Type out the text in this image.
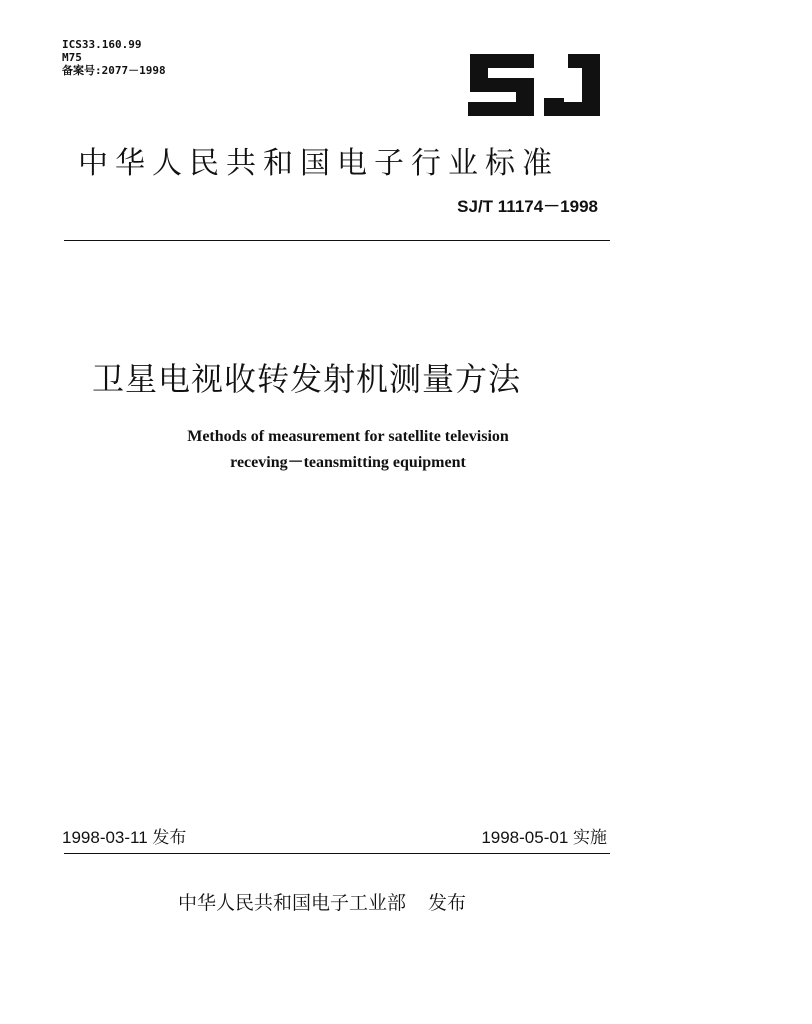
ICS33.160.99
M75
备案号:2077－1998
中华人民共和国电子行业标准
SJ/T 11174－1998
卫星电视收转发射机测量方法
Methods of measurement for satellite television
receving－teansmitting equipment
1998-03-11 发布	1998-05-01 实施
中华人民共和国电子工业部 发布
